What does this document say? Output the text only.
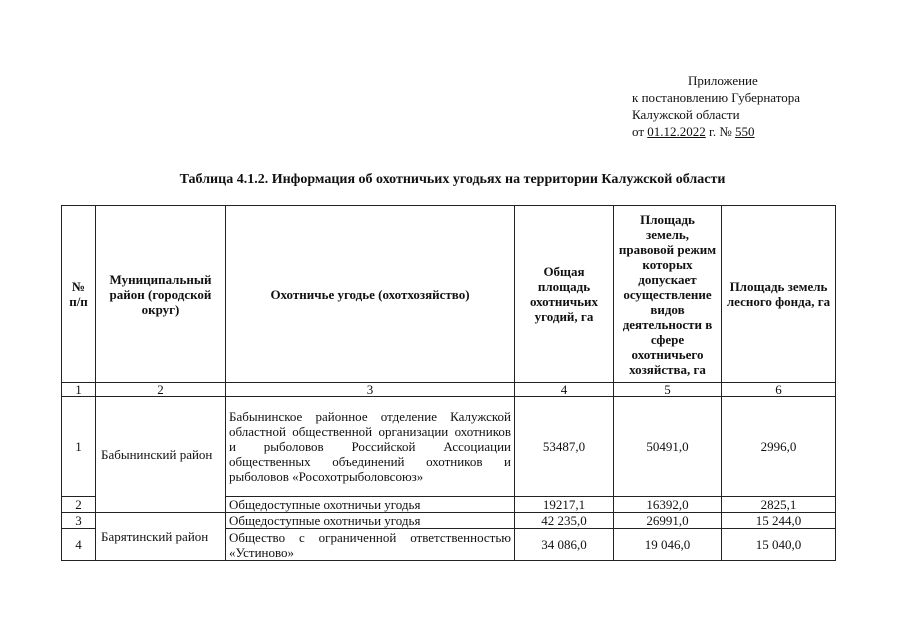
Приложение
к постановлению Губернатора
Калужской области
от 01.12.2022 г. № 550
Таблица 4.1.2. Информация об охотничьих угодьях на территории Калужской области
№ п/п	Муниципальный район (городской округ)	Охотничье угодье (охотхозяйство)	Общая площадь охотничьих угодий, га	Площадь земель, правовой режим которых допускает осуществление видов деятельности в сфере охотничьего хозяйства, га	Площадь земель лесного фонда, га
1	2	3	4	5	6
1	Бабынинский район	Бабынинское районное отделение Калужской областной общественной организации охотников и рыболовов Российской Ассоциации общественных объединений охотников и рыболовов «Росохотрыболовсоюз»	53487,0	50491,0	2996,0
2		Общедоступные охотничьи угодья	19217,1	16392,0	2825,1
3	Барятинский район	Общедоступные охотничьи угодья	42 235,0	26991,0	15 244,0
4		Общество с ограниченной ответственностью «Устиново»	34 086,0	19 046,0	15 040,0
